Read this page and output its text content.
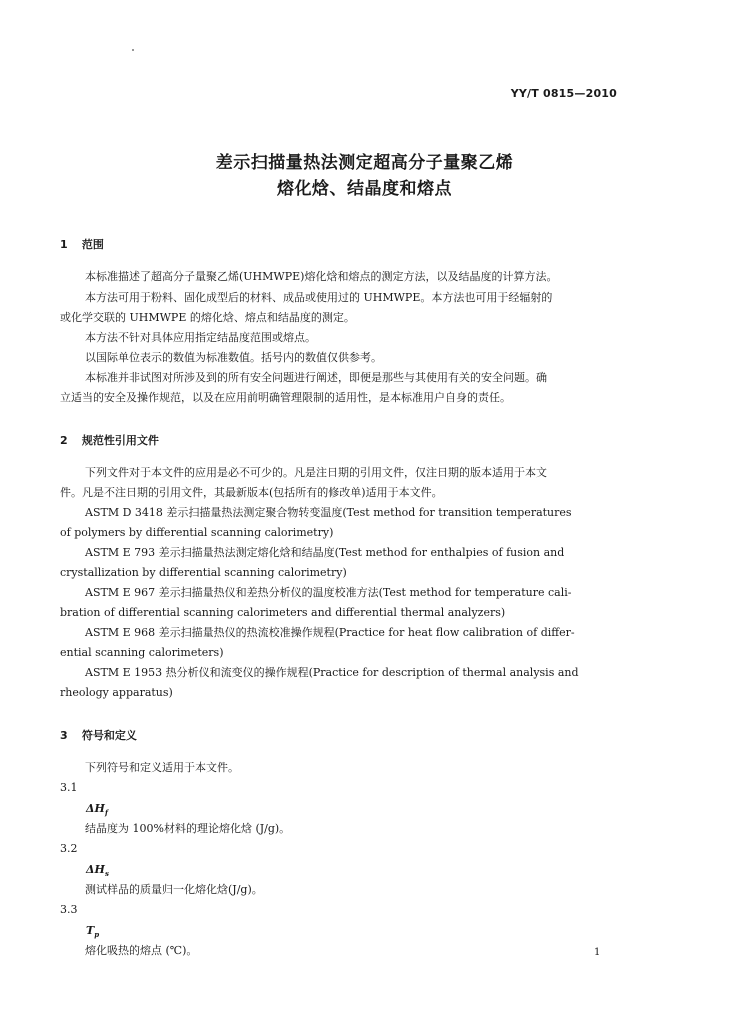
YY/T 0815—2010
差示扫描量热法测定超高分子量聚乙烯
熔化焓、结晶度和熔点
1 范围
本标准描述了超高分子量聚乙烯(UHMWPE)熔化焓和熔点的测定方法，以及结晶度的计算方法。
本方法可用于粉料、固化成型后的材料、成品或使用过的 UHMWPE。本方法也可用于经辐射的
或化学交联的 UHMWPE 的熔化焓、熔点和结晶度的测定。
本方法不针对具体应用指定结晶度范围或熔点。
以国际单位表示的数值为标准数值。括号内的数值仅供参考。
本标准并非试图对所涉及到的所有安全问题进行阐述，即便是那些与其使用有关的安全问题。确
立适当的安全及操作规范，以及在应用前明确管理限制的适用性，是本标准用户自身的责任。
2 规范性引用文件
下列文件对于本文件的应用是必不可少的。凡是注日期的引用文件，仅注日期的版本适用于本文
件。凡是不注日期的引用文件，其最新版本(包括所有的修改单)适用于本文件。
ASTM D 3418 差示扫描量热法测定聚合物转变温度(Test method for transition temperatures
of polymers by differential scanning calorimetry)
ASTM E 793 差示扫描量热法测定熔化焓和结晶度(Test method for enthalpies of fusion and
crystallization by differential scanning calorimetry)
ASTM E 967 差示扫描量热仪和差热分析仪的温度校准方法(Test method for temperature cali-
bration of differential scanning calorimeters and differential thermal analyzers)
ASTM E 968 差示扫描量热仪的热流校准操作规程(Practice for heat flow calibration of differ-
ential scanning calorimeters)
ASTM E 1953 热分析仪和流变仪的操作规程(Practice for description of thermal analysis and
rheology apparatus)
3 符号和定义
下列符号和定义适用于本文件。
3.1
$\Delta H_f$
结晶度为 100%材料的理论熔化焓 (J/g)。
3.2
$\Delta H_s$
测试样品的质量归一化熔化焓(J/g)。
3.3
$T_p$
熔化吸热的熔点 (℃)。	1
